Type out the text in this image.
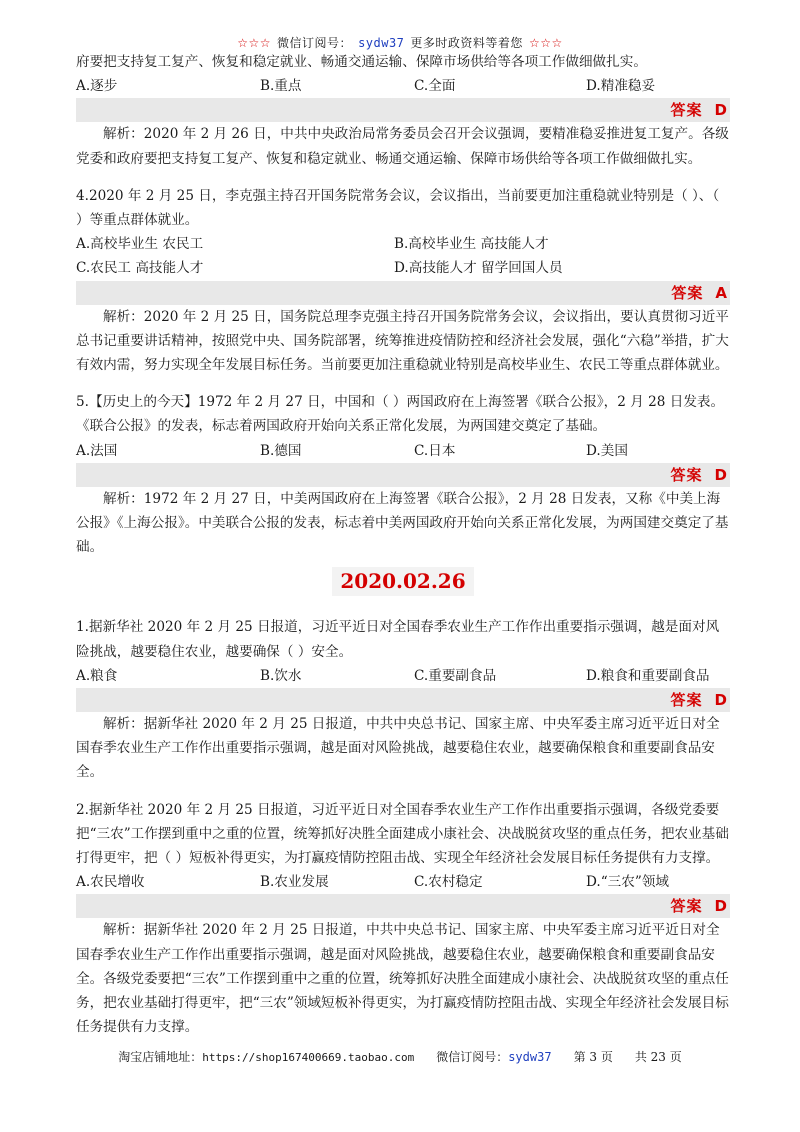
☆☆☆ 微信订阅号： sydw37 更多时政资料等着您 ☆☆☆
府要把支持复工复产、恢复和稳定就业、畅通交通运输、保障市场供给等各项工作做细做扎实。
A.逐步	B.重点	C.全面	D.精准稳妥
答案 D
解析：2020 年 2 月 26 日，中共中央政治局常务委员会召开会议强调，要精准稳妥推进复工复产。各级党委和政府要把支持复工复产、恢复和稳定就业、畅通交通运输、保障市场供给等各项工作做细做扎实。
4.2020 年 2 月 25 日，李克强主持召开国务院常务会议，会议指出，当前要更加注重稳就业特别是（ ）、（ ）等重点群体就业。
A.高校毕业生 农民工	B.高校毕业生 高技能人才
C.农民工 高技能人才	D.高技能人才 留学回国人员
答案 A
解析：2020 年 2 月 25 日，国务院总理李克强主持召开国务院常务会议，会议指出，要认真贯彻习近平总书记重要讲话精神，按照党中央、国务院部署，统筹推进疫情防控和经济社会发展，强化“六稳”举措，扩大有效内需，努力实现全年发展目标任务。当前要更加注重稳就业特别是高校毕业生、农民工等重点群体就业。
5.【历史上的今天】1972 年 2 月 27 日，中国和（ ）两国政府在上海签署《联合公报》，2 月 28 日发表。《联合公报》的发表，标志着两国政府开始向关系正常化发展，为两国建交奠定了基础。
A.法国	B.德国	C.日本	D.美国
答案 D
解析：1972 年 2 月 27 日，中美两国政府在上海签署《联合公报》，2 月 28 日发表，又称《中美上海公报》《上海公报》。中美联合公报的发表，标志着中美两国政府开始向关系正常化发展，为两国建交奠定了基础。
2020.02.26
1.据新华社 2020 年 2 月 25 日报道，习近平近日对全国春季农业生产工作作出重要指示强调，越是面对风险挑战，越要稳住农业，越要确保（ ）安全。
A.粮食	B.饮水	C.重要副食品	D.粮食和重要副食品
答案 D
解析：据新华社 2020 年 2 月 25 日报道，中共中央总书记、国家主席、中央军委主席习近平近日对全国春季农业生产工作作出重要指示强调，越是面对风险挑战，越要稳住农业，越要确保粮食和重要副食品安全。
2.据新华社 2020 年 2 月 25 日报道，习近平近日对全国春季农业生产工作作出重要指示强调，各级党委要把“三农”工作摆到重中之重的位置，统筹抓好决胜全面建成小康社会、决战脱贫攻坚的重点任务，把农业基础打得更牢，把（ ）短板补得更实，为打赢疫情防控阻击战、实现全年经济社会发展目标任务提供有力支撑。
A.农民增收	B.农业发展	C.农村稳定	D.“三农”领域
答案 D
解析：据新华社 2020 年 2 月 25 日报道，中共中央总书记、国家主席、中央军委主席习近平近日对全国春季农业生产工作作出重要指示强调，越是面对风险挑战，越要稳住农业，越要确保粮食和重要副食品安全。各级党委要把“三农”工作摆到重中之重的位置，统筹抓好决胜全面建成小康社会、决战脱贫攻坚的重点任务，把农业基础打得更牢，把“三农”领域短板补得更实，为打赢疫情防控阻击战、实现全年经济社会发展目标任务提供有力支撑。
淘宝店铺地址：https://shop167400669.taobao.com 微信订阅号：sydw37 第 3 页 共 23 页
